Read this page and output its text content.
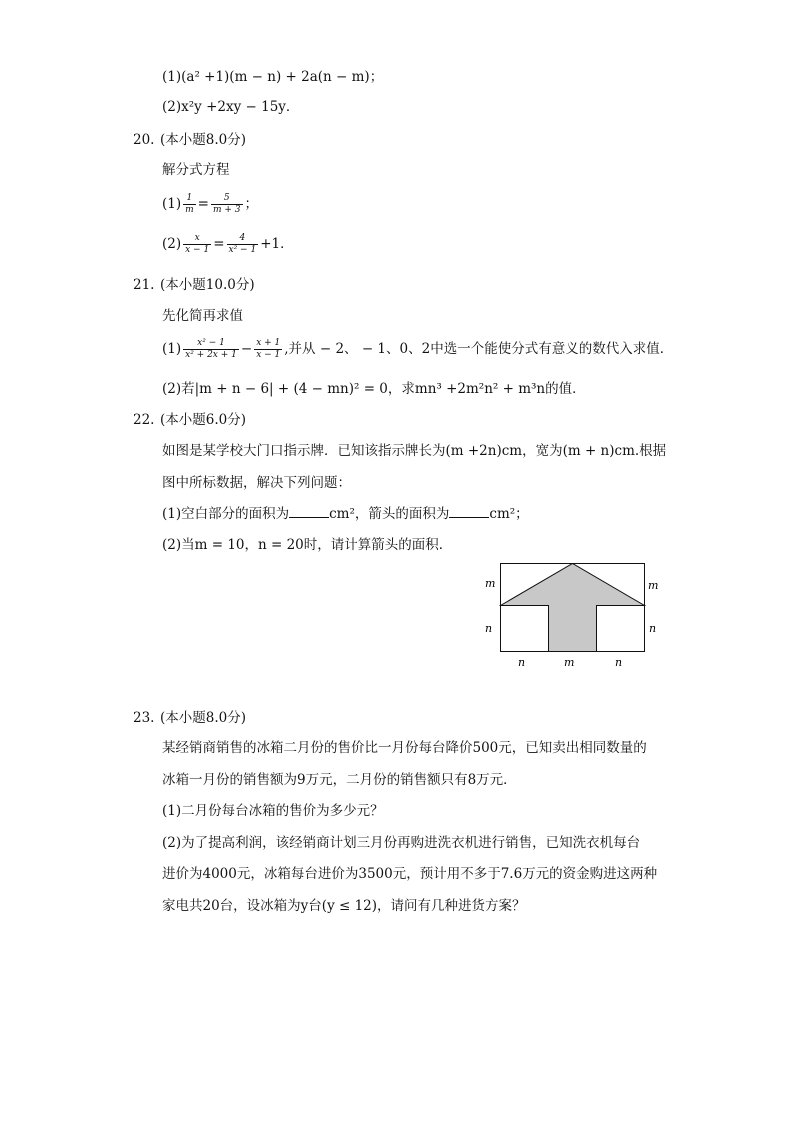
(1)(a² +1)(m − n) + 2a(n − m)；
(2)x²y +2xy − 15y．
20. (本小题8.0分)
解分式方程
$(1) \frac{1}{m} = \frac{5}{m + 3}$ ；
$(2) \frac{x}{x - 1} = \frac{4}{\text{x² − 1}} +1$．
21. (本小题10.0分)
先化简再求值
$(1) \frac{\text{x² − 1}}{\text{x² + 2x + 1}} - \frac{x + 1}{x - 1}$ ,并从 − 2、 − 1、0、2中选一个能使分式有意义的数代入求值．
(2)若|m + n − 6| + (4 − mn)² = 0，求mn³ +2m²n² + m³n的值．
22. (本小题6.0分)
如图是某学校大门口指示牌．已知该指示牌长为(m +2n)cm，宽为(m + n)cm.根据
图中所标数据，解决下列问题：
(1)空白部分的面积为	cm²，箭头的面积为	cm²；
(2)当m = 10，n = 20时，请计算箭头的面积．
m
n
m
n
n	m	n
23. (本小题8.0分)
某经销商销售的冰箱二月份的售价比一月份每台降价500元，已知卖出相同数量的
冰箱一月份的销售额为9万元，二月份的销售额只有8万元．
(1)二月份每台冰箱的售价为多少元？
(2)为了提高利润，该经销商计划三月份再购进洗衣机进行销售，已知洗衣机每台
进价为4000元，冰箱每台进价为3500元，预计用不多于7.6万元的资金购进这两种
家电共20台，设冰箱为y台(y ≤ 12)，请问有几种进货方案？
